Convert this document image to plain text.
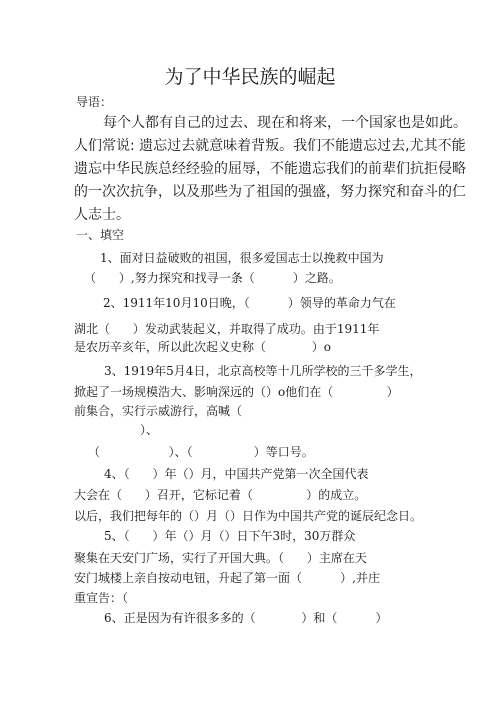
为了中华民族的崛起
导语：
每个人都有自己的过去、现在和将来，一个国家也是如此。
人们常说: 遗忘过去就意味着背叛。我们不能遗忘过去,尤其不能
遗忘中华民族总经经验的屈辱，不能遗忘我们的前辈们抗拒侵略
的一次次抗争，以及那些为了祖国的强盛，努力探究和奋斗的仁
人志士。
一、填空
1、面对日益破败的祖国，很多爱国志士以挽救中国为
（      ）,努力探究和找寻一条（          ）之路。
2、1911年10月10日晚，（          ）领导的革命力气在
湖北（      ）发动武装起义，并取得了成功。由于1911年
是农历辛亥年，所以此次起义史称（            ）o
3、1919年5月4日，北京高校等十几所学校的三千多学生，
掀起了一场规模浩大、影响深远的（）o他们在（              ）
前集合，实行示威游行，高喊（
）、
（                  ）、（                ）等口号。
4、（      ）年（）月，中国共产党第一次全国代表
大会在（      ）召开，它标记着（              ）的成立。
以后，我们把每年的（）月（）日作为中国共产党的诞辰纪念日。
5、（      ）年（）月（）日下午3时，30万群众
聚集在天安门广场，实行了开国大典。（      ）主席在天
安门城楼上亲自按动电钮，升起了第一面（          ）,并庄
重宣告：（
6、正是因为有许很多多的（            ）和（          ）
